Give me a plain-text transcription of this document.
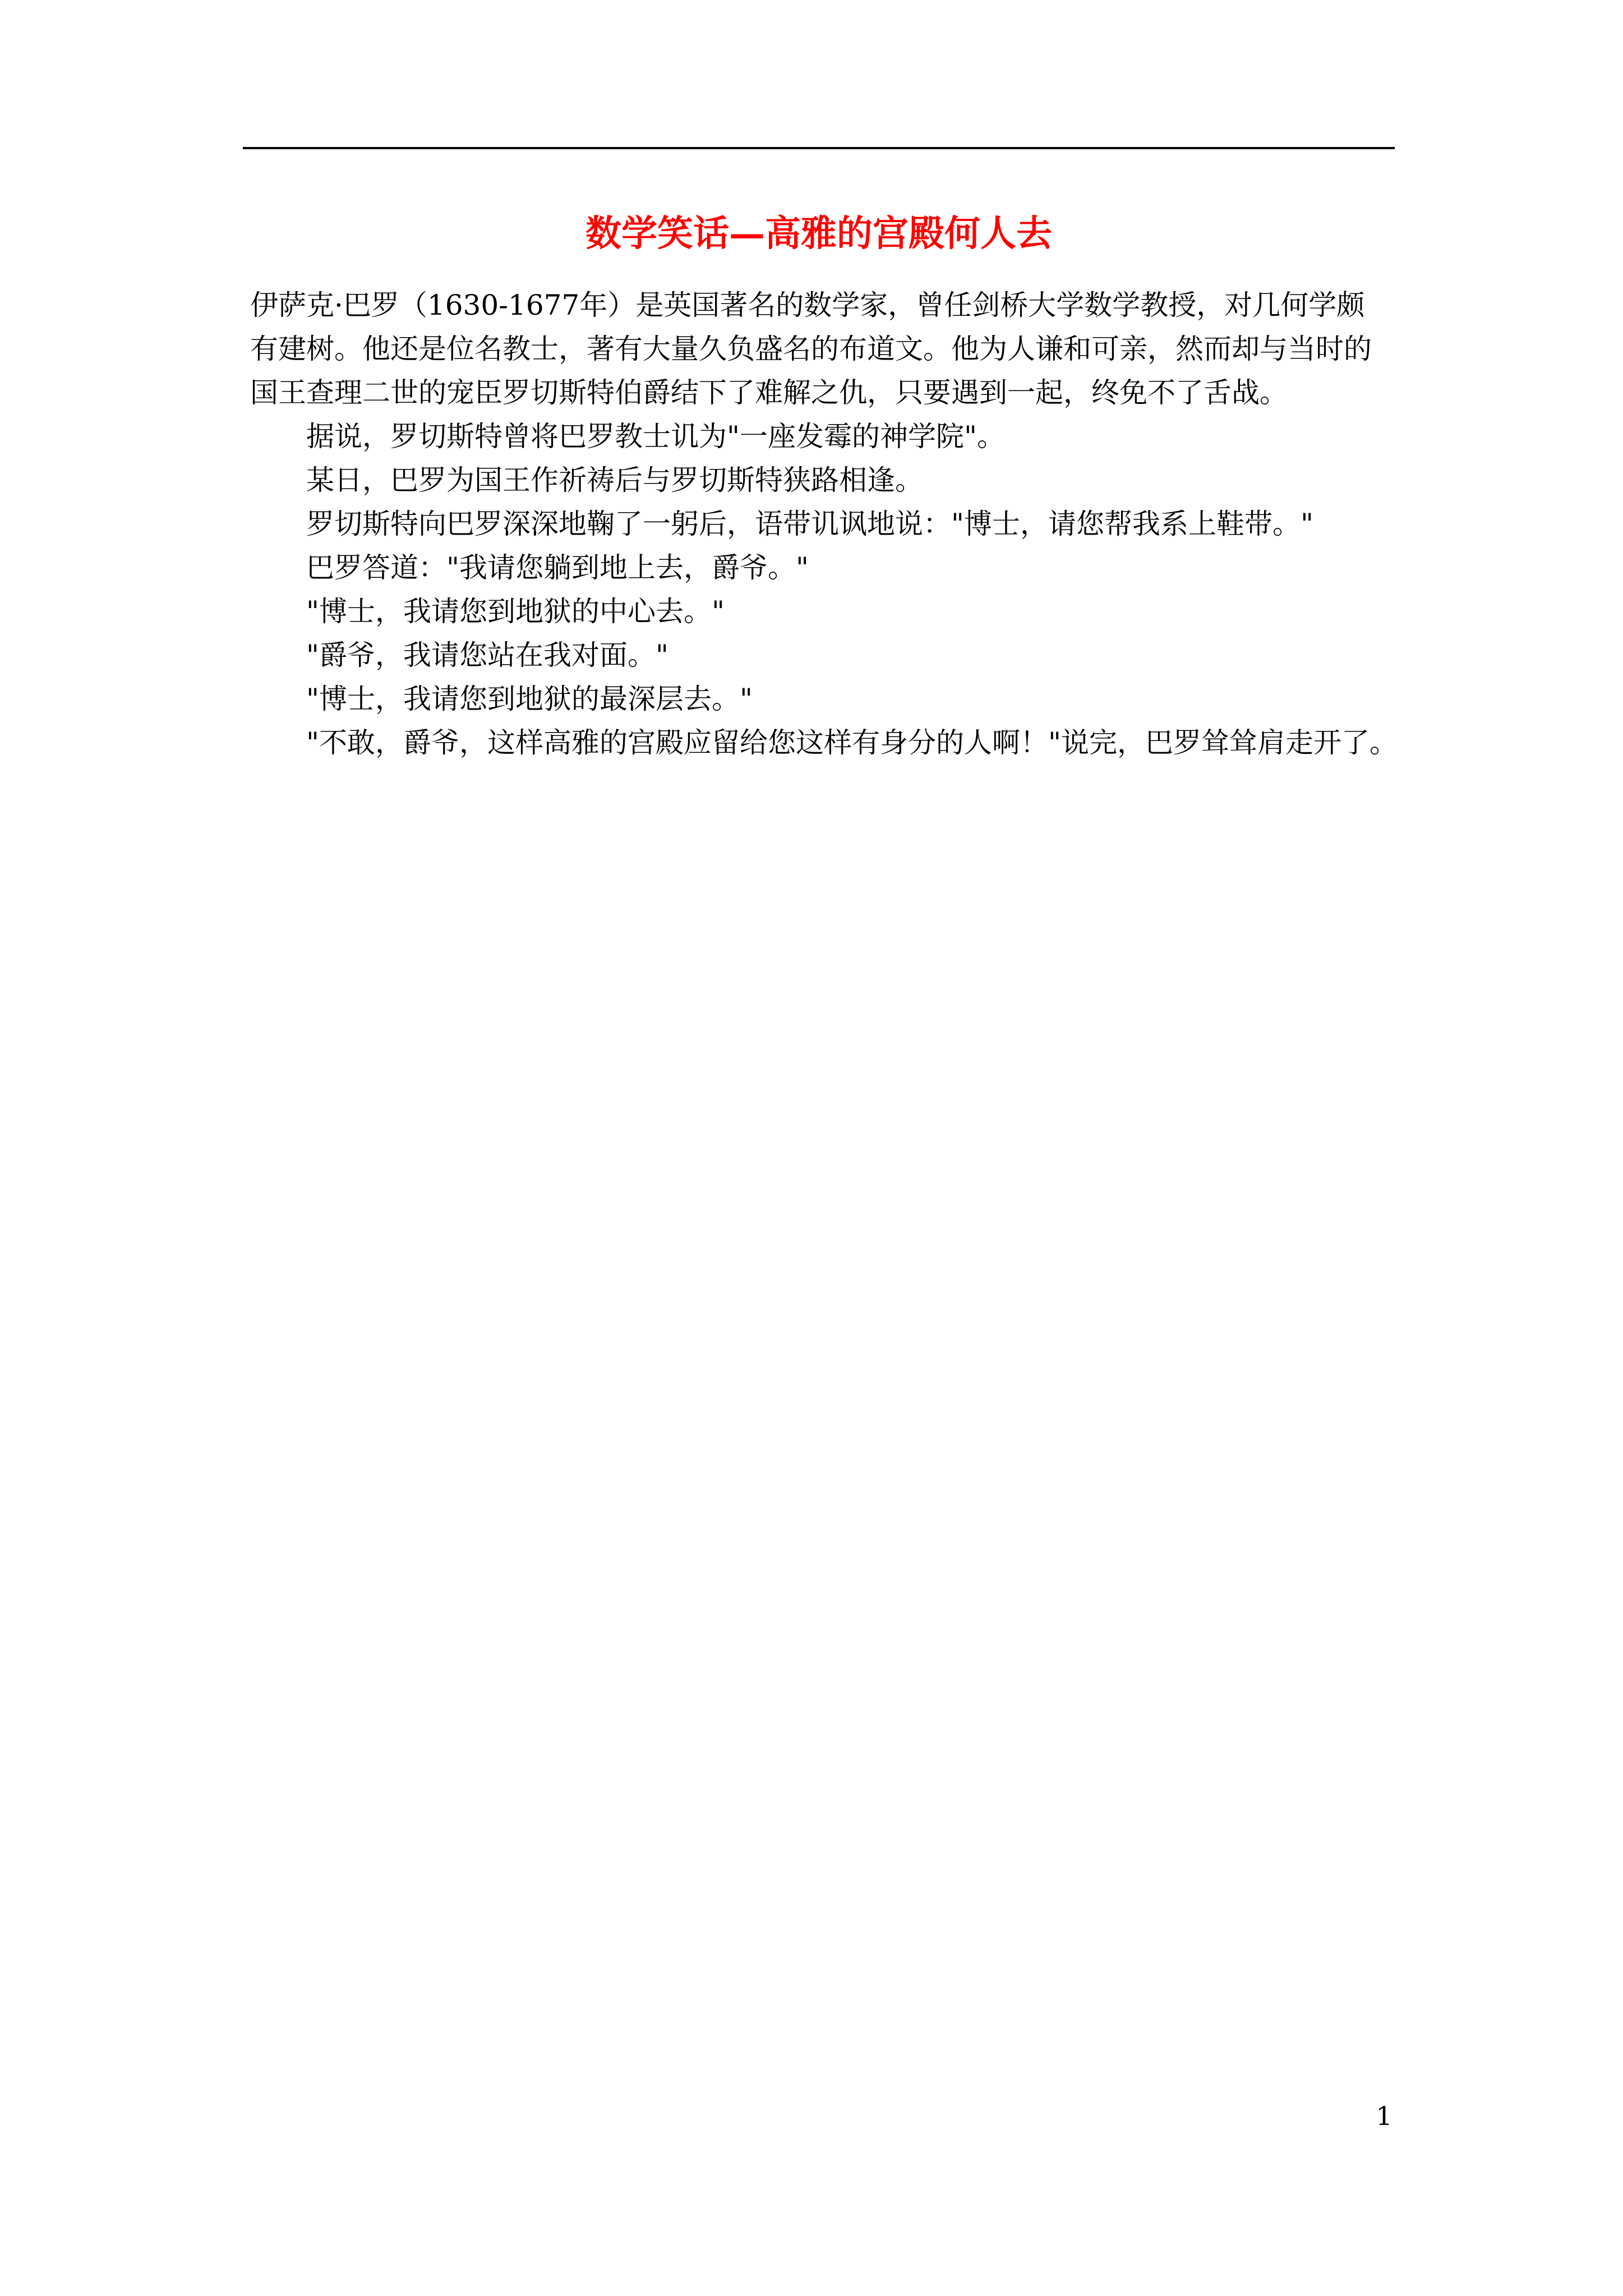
数学笑话—高雅的宫殿何人去

伊萨克·巴罗（1630-1677年）是英国著名的数学家，曾任剑桥大学数学教授，对几何学颇

有建树。他还是位名教士，著有大量久负盛名的布道文。他为人谦和可亲，然而却与当时的

国王查理二世的宠臣罗切斯特伯爵结下了难解之仇，只要遇到一起，终免不了舌战。

据说，罗切斯特曾将巴罗教士讥为"一座发霉的神学院"。

某日，巴罗为国王作祈祷后与罗切斯特狭路相逢。

罗切斯特向巴罗深深地鞠了一躬后，语带讥讽地说："博士，请您帮我系上鞋带。"

巴罗答道："我请您躺到地上去，爵爷。"

"博士，我请您到地狱的中心去。"

"爵爷，我请您站在我对面。"

"博士，我请您到地狱的最深层去。"

"不敢，爵爷，这样高雅的宫殿应留给您这样有身分的人啊！"说完，巴罗耸耸肩走开了。

1
